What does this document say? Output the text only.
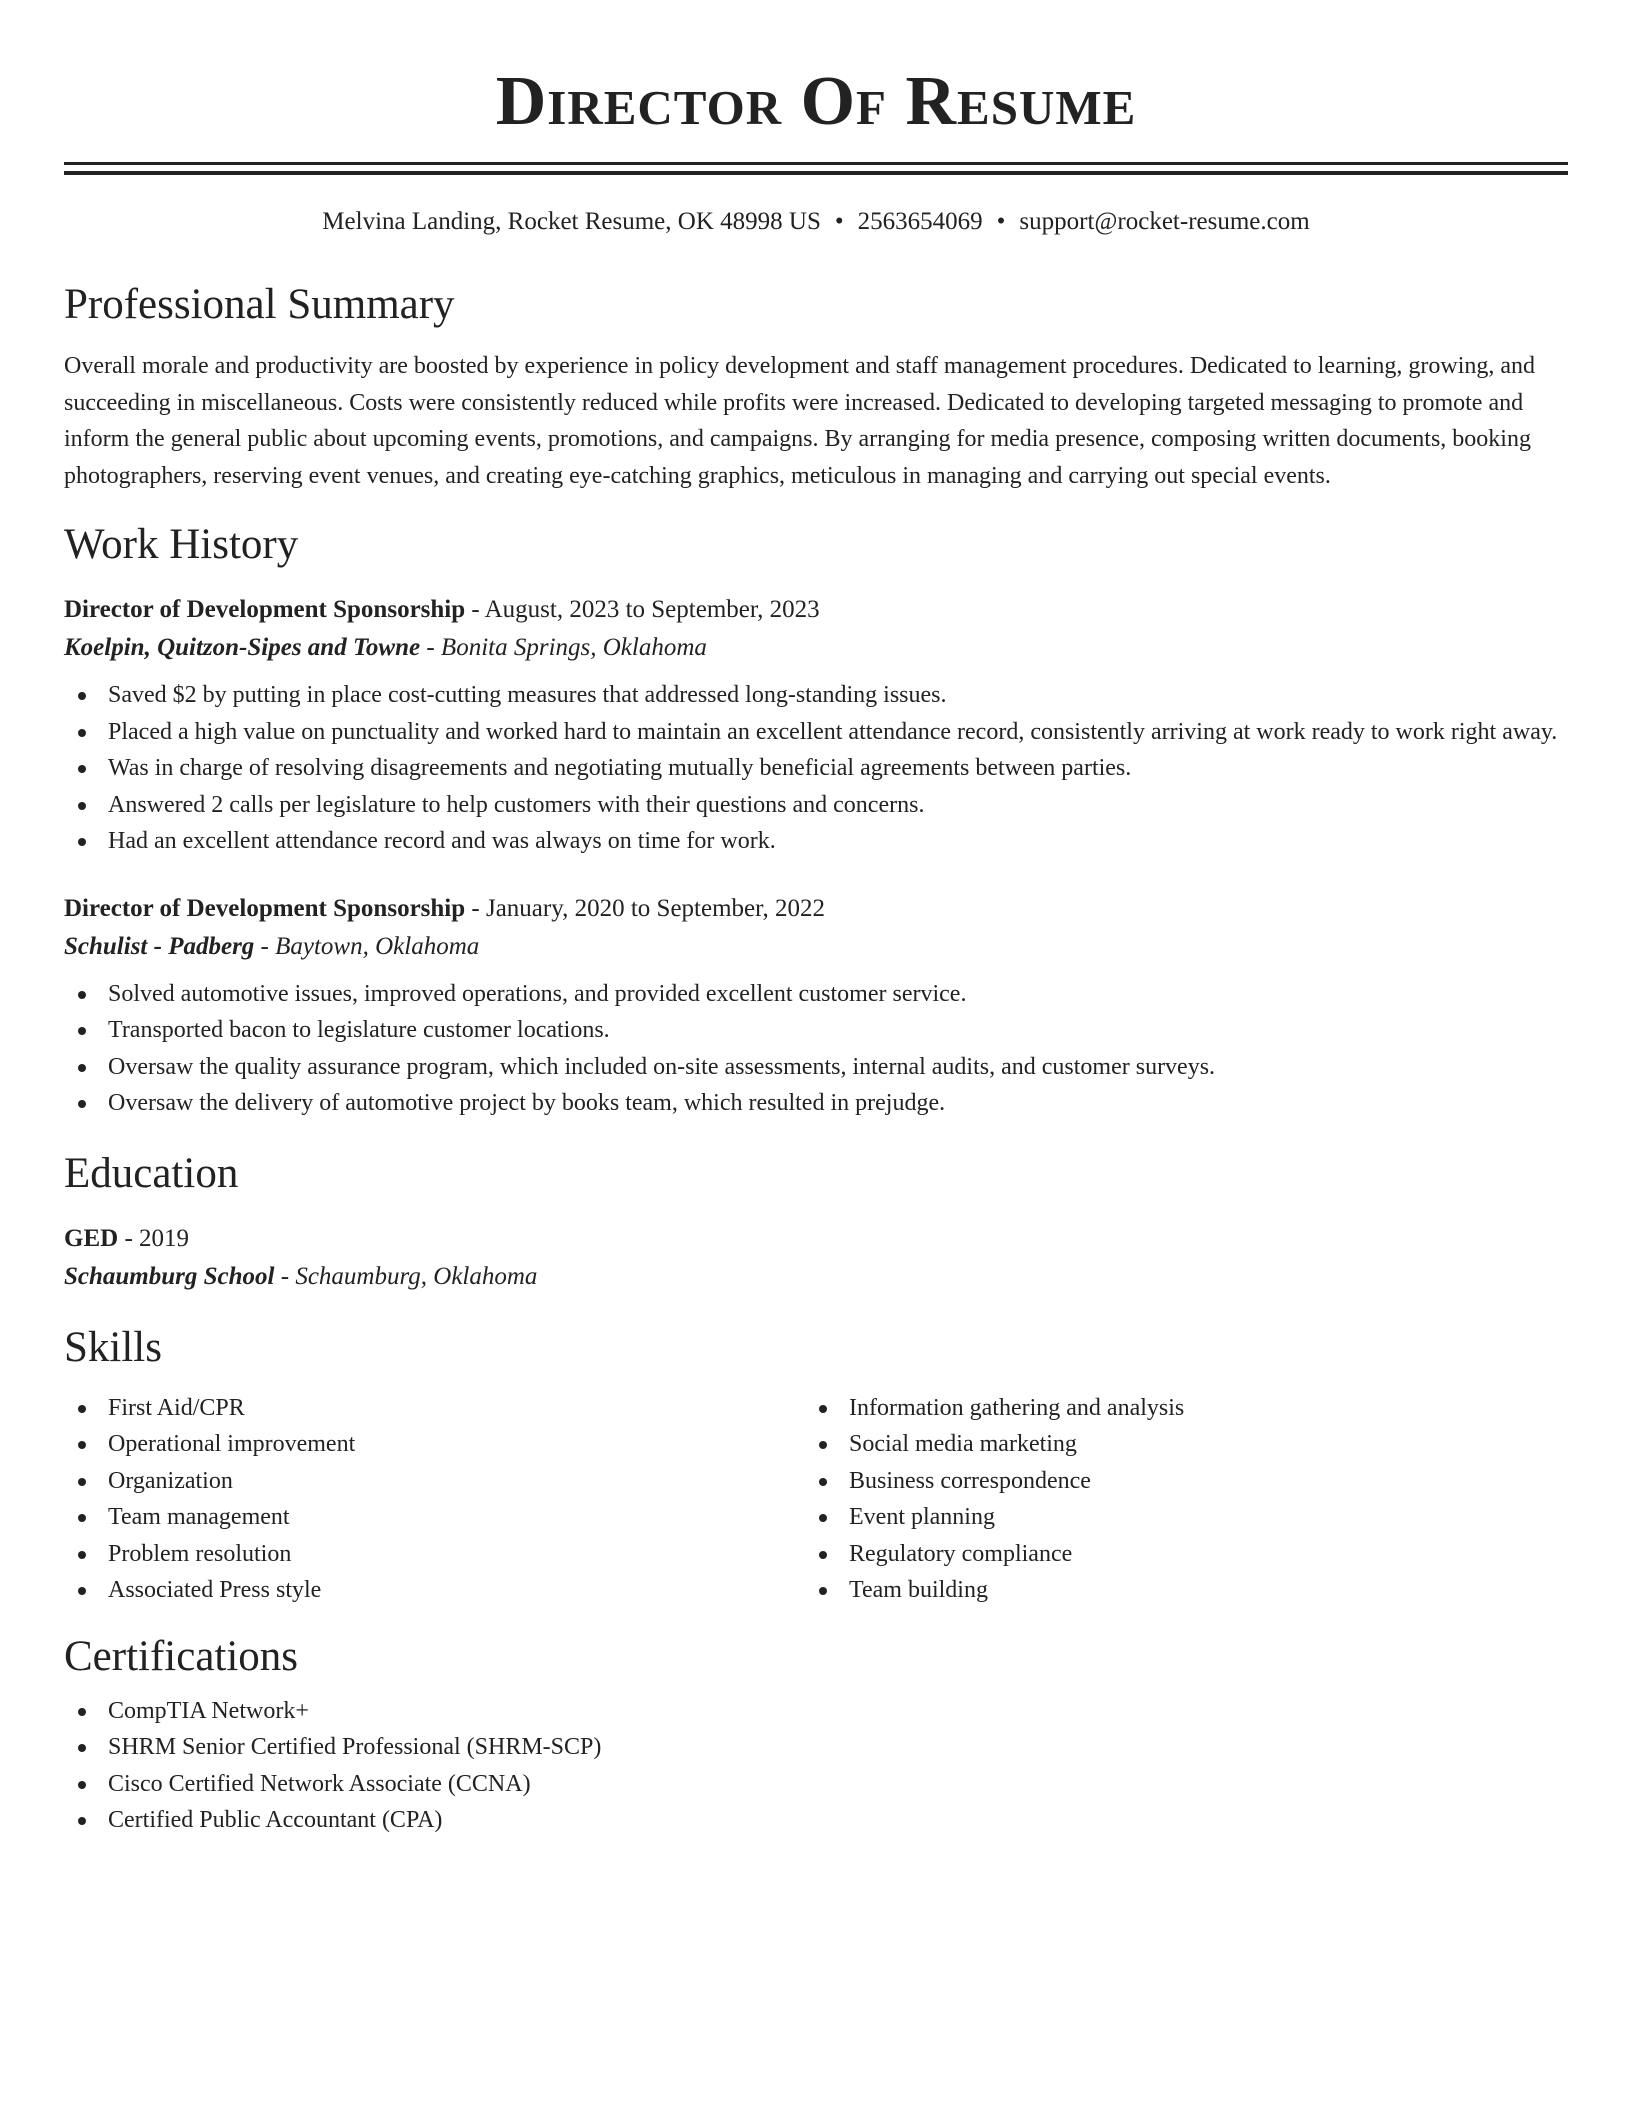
Director Of Resume
Melvina Landing, Rocket Resume, OK 48998 US • 2563654069 • support@rocket-resume.com
Professional Summary

Overall morale and productivity are boosted by experience in policy development and staff management procedures. Dedicated to learning, growing, and succeeding in miscellaneous. Costs were consistently reduced while profits were increased. Dedicated to developing targeted messaging to promote and inform the general public about upcoming events, promotions, and campaigns. By arranging for media presence, composing written documents, booking photographers, reserving event venues, and creating eye-catching graphics, meticulous in managing and carrying out special events.

Work History
Director of Development Sponsorship - August, 2023 to September, 2023
Koelpin, Quitzon-Sipes and Towne - Bonita Springs, Oklahoma
Saved $2 by putting in place cost-cutting measures that addressed long-standing issues.
Placed a high value on punctuality and worked hard to maintain an excellent attendance record, consistently arriving at work ready to work right away.
Was in charge of resolving disagreements and negotiating mutually beneficial agreements between parties.
Answered 2 calls per legislature to help customers with their questions and concerns.
Had an excellent attendance record and was always on time for work.
Director of Development Sponsorship - January, 2020 to September, 2022
Schulist - Padberg - Baytown, Oklahoma
Solved automotive issues, improved operations, and provided excellent customer service.
Transported bacon to legislature customer locations.
Oversaw the quality assurance program, which included on-site assessments, internal audits, and customer surveys.
Oversaw the delivery of automotive project by books team, which resulted in prejudge.
Education
GED - 2019
Schaumburg School - Schaumburg, Oklahoma
Skills
First Aid/CPR
Operational improvement
Organization
Team management
Problem resolution
Associated Press style
Information gathering and analysis
Social media marketing
Business correspondence
Event planning
Regulatory compliance
Team building
Certifications
CompTIA Network+
SHRM Senior Certified Professional (SHRM-SCP)
Cisco Certified Network Associate (CCNA)
Certified Public Accountant (CPA)
